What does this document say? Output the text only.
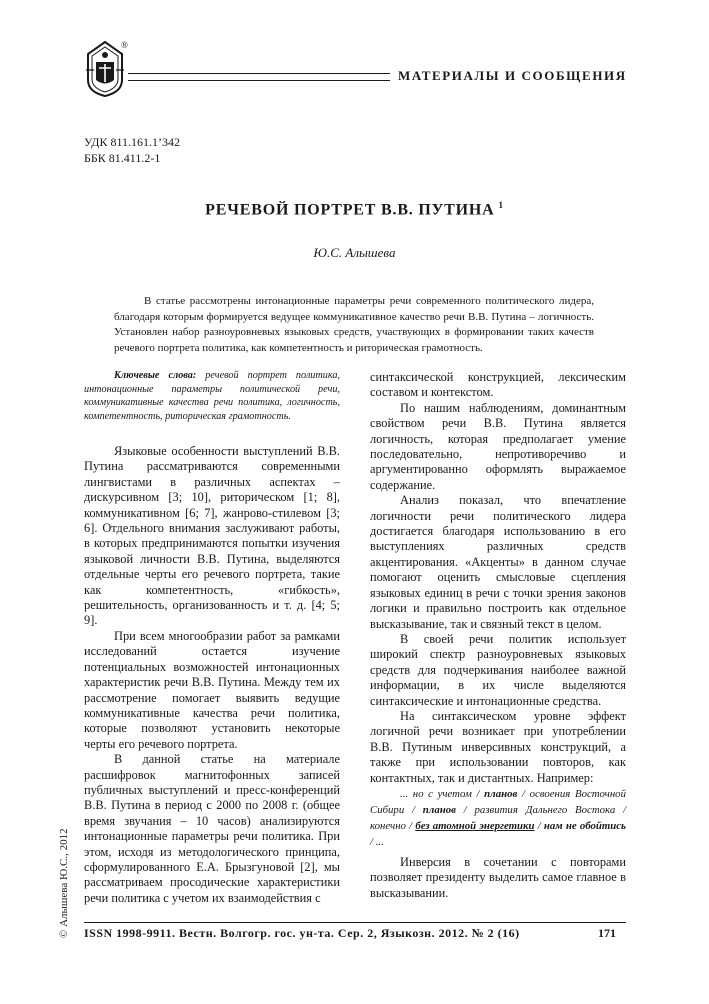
®
МАТЕРИАЛЫ И СООБЩЕНИЯ
УДК 811.161.1’342
ББК 81.411.2-1
РЕЧЕВОЙ ПОРТРЕТ В.В. ПУТИНА $^1$
Ю.С. Алышева
В статье рассмотрены интонационные параметры речи современного политического лидера, благодаря которым формируется ведущее коммуникативное качество речи В.В. Путина – логичность. Установлен набор разноуровневых языковых средств, участвующих в формировании таких качеств речевого портрета политика, как компетентность и риторическая грамотность.
Ключевые слова: речевой портрет политика, интонационные параметры политической речи, коммуникативные качества речи политика, логичность, компетентность, риторическая грамотность.

Языковые особенности выступлений В.В. Путина рассматриваются современными лингвистами в различных аспектах – дискурсивном [3; 10], риторическом [1; 8], коммуникативном [6; 7], жанрово-стилевом [3; 6]. Отдельного внимания заслуживают работы, в которых предпринимаются попытки изучения языковой личности В.В. Путина, выделяются отдельные черты его речевого портрета, такие как компетентность, «гибкость», решительность, организованность и т. д. [4; 5; 9].

При всем многообразии работ за рамками исследований остается изучение потенциальных возможностей интонационных характеристик речи В.В. Путина. Между тем их рассмотрение помогает выявить ведущие коммуникативные качества речи политика, которые позволяют установить некоторые черты его речевого портрета.

В данной статье на материале расшифровок магнитофонных записей публичных выступлений и пресс-конференций В.В. Путина в период с 2000 по 2008 г. (общее время звучания – 10 часов) анализируются интонационные параметры речи политика. При этом, исходя из методологического принципа, сформулированного Е.А. Брызгуновой [2], мы рассматриваем просодические характеристики речи политика с учетом их взаимодействия с

синтаксической конструкцией, лексическим составом и контекстом.

По нашим наблюдениям, доминантным свойством речи В.В. Путина является логичность, которая предполагает умение последовательно, непротиворечиво и аргументированно оформлять выражаемое содержание.

Анализ показал, что впечатление логичности речи политического лидера достигается благодаря использованию в его выступлениях различных средств акцентирования. «Акценты» в данном случае помогают оценить смысловые сцепления языковых единиц в речи с точки зрения законов логики и правильно построить как отдельное высказывание, так и связный текст в целом.

В своей речи политик использует широкий спектр разноуровневых языковых средств для подчеркивания наиболее важной информации, в их числе выделяются синтаксические и интонационные средства.

На синтаксическом уровне эффект логичной речи возникает при употреблении В.В. Путиным инверсивных конструкций, а также при использовании повторов, как контактных, так и дистантных. Например:

... но с учетом / планов / освоения Восточной Сибири / планов / развития Дальнего Востока / конечно / без атомной энергетики / нам не обойтись / ...

Инверсия в сочетании с повторами позволяет президенту выделить самое главное в высказывании.

© Алышева Ю.С., 2012 ISSN 1998-9911. Вестн. Волгогр. гос. ун-та. Сер. 2, Языкозн. 2012. № 2 (16)	171
